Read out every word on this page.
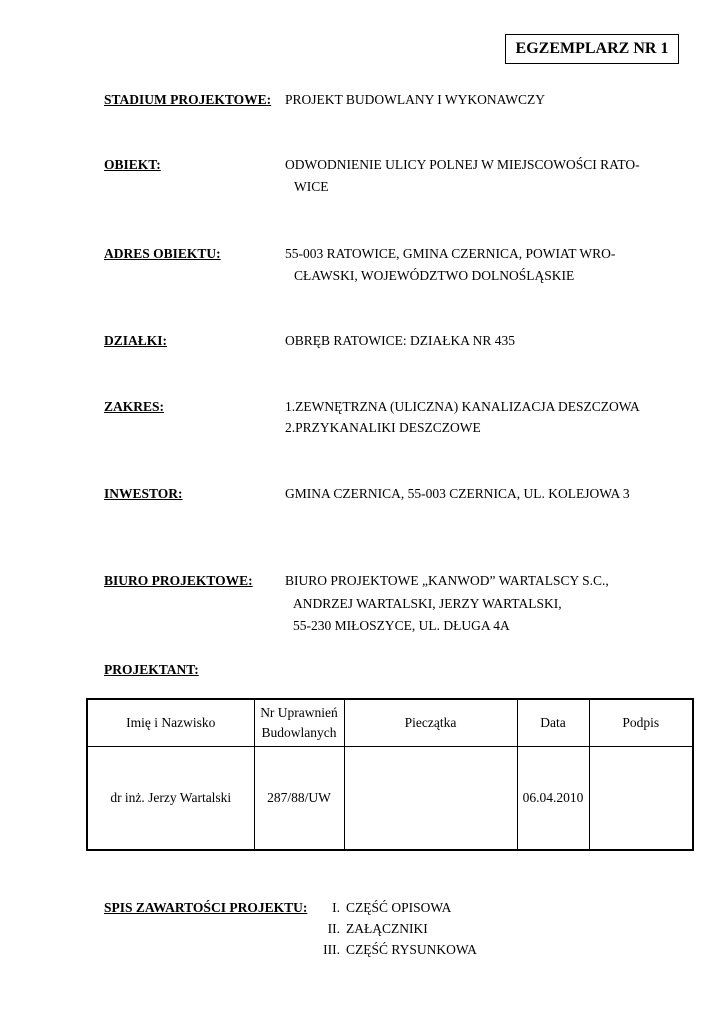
EGZEMPLARZ NR 1
STADIUM PROJEKTOWE: PROJEKT BUDOWLANY I WYKONAWCZY
OBIEKT:	ODWODNIENIE ULICY POLNEJ W MIEJSCOWOŚCI RATO-
WICE
ADRES OBIEKTU:	55-003 RATOWICE, GMINA CZERNICA, POWIAT WRO-
CŁAWSKI, WOJEWÓDZTWO DOLNOŚLĄSKIE
DZIAŁKI:	OBRĘB RATOWICE: DZIAŁKA NR 435
ZAKRES:	1.ZEWNĘTRZNA (ULICZNA) KANALIZACJA DESZCZOWA
2.PRZYKANALIKI DESZCZOWE
INWESTOR:	GMINA CZERNICA, 55-003 CZERNICA, UL. KOLEJOWA 3
BIURO PROJEKTOWE: BIURO PROJEKTOWE „KANWOD” WARTALSCY S.C.,
ANDRZEJ WARTALSKI, JERZY WARTALSKI,
55-230 MIŁOSZYCE, UL. DŁUGA 4A
PROJEKTANT:
Imię i Nazwisko	Nr Uprawnień
Budowlanych	Pieczątka	Data	Podpis
dr inż. Jerzy Wartalski	287/88/UW		06.04.2010	
SPIS ZAWARTOŚCI PROJEKTU:	I. CZĘŚĆ OPISOWA
II. ZAŁĄCZNIKI
III. CZĘŚĆ RYSUNKOWA
